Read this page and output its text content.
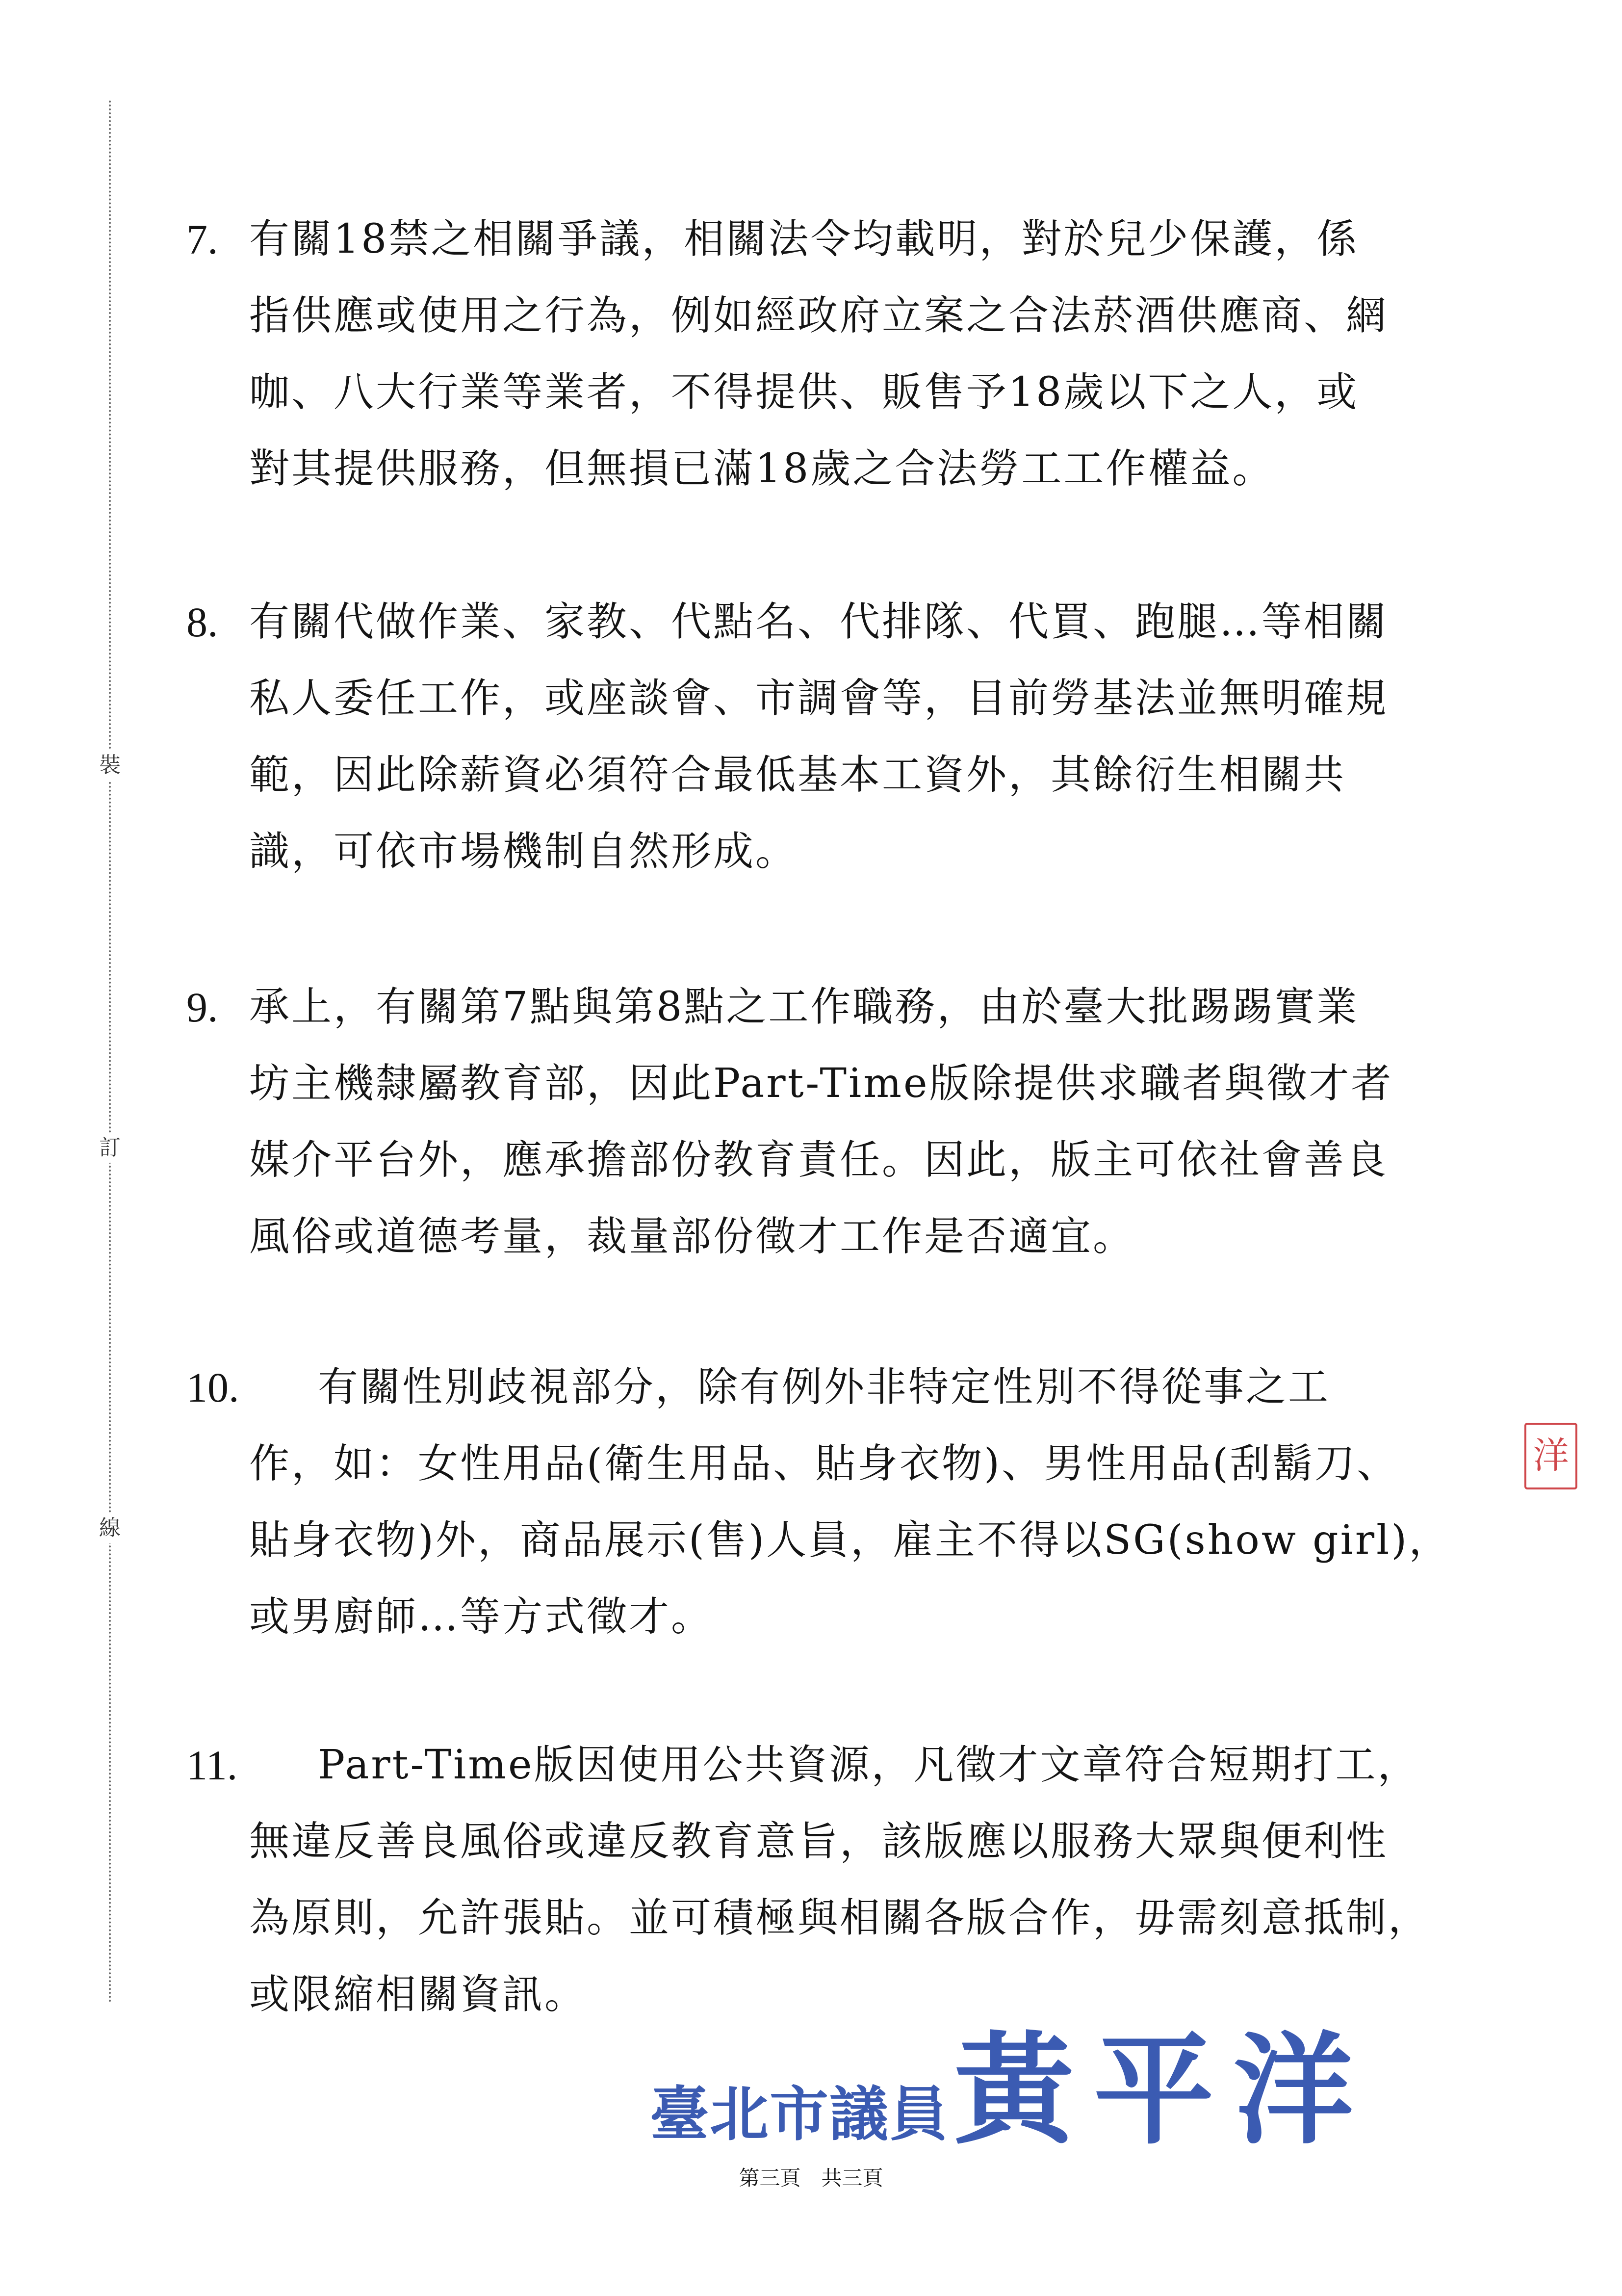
裝
訂
線
7. 有關18禁之相關爭議，相關法令均載明，對於兒少保護，係
指供應或使用之行為，例如經政府立案之合法菸酒供應商、網
咖、八大行業等業者，不得提供、販售予18歲以下之人，或
對其提供服務，但無損已滿18歲之合法勞工工作權益。
8. 有關代做作業、家教、代點名、代排隊、代買、跑腿…等相關
私人委任工作，或座談會、市調會等，目前勞基法並無明確規
範，因此除薪資必須符合最低基本工資外，其餘衍生相關共
識，可依市場機制自然形成。
9. 承上，有關第7點與第8點之工作職務，由於臺大批踢踢實業
坊主機隸屬教育部，因此Part-Time版除提供求職者與徵才者
媒介平台外，應承擔部份教育責任。因此，版主可依社會善良
風俗或道德考量，裁量部份徵才工作是否適宜。
10.	有關性別歧視部分，除有例外非特定性別不得從事之工
作，如：女性用品(衛生用品、貼身衣物)、男性用品(刮鬍刀、
貼身衣物)外，商品展示(售)人員，雇主不得以SG(show girl)，
或男廚師…等方式徵才。
11.	Part-Time版因使用公共資源，凡徵才文章符合短期打工，
無違反善良風俗或違反教育意旨，該版應以服務大眾與便利性
為原則，允許張貼。並可積極與相關各版合作，毋需刻意抵制，
或限縮相關資訊。
洋
臺北市議員黃平洋
第三頁　共三頁
